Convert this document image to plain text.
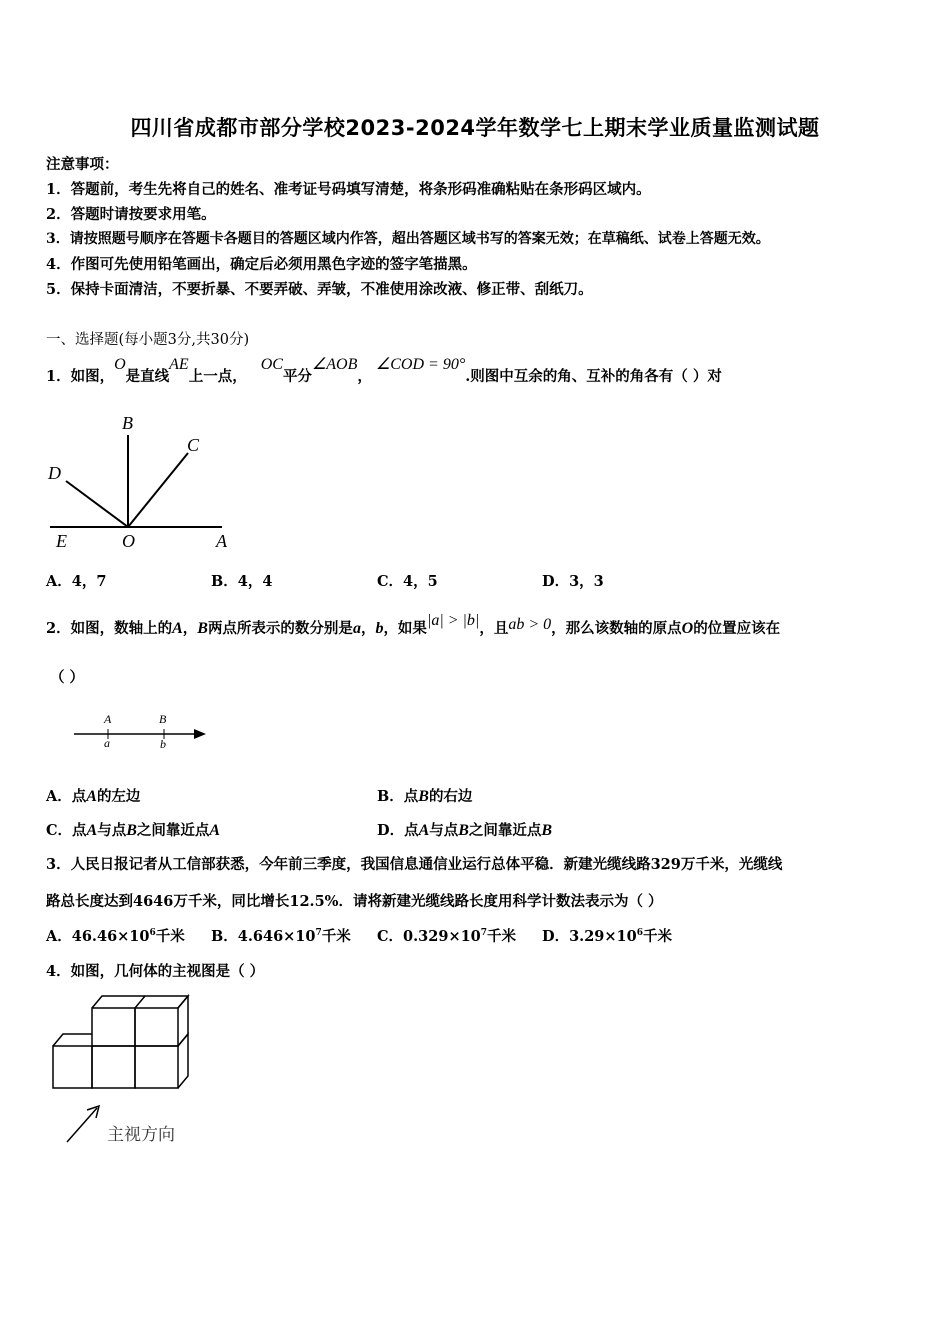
四川省成都市部分学校2023-2024学年数学七上期末学业质量监测试题
注意事项：
1．答题前，考生先将自己的姓名、准考证号码填写清楚，将条形码准确粘贴在条形码区域内。
2．答题时请按要求用笔。
3．请按照题号顺序在答题卡各题目的答题区域内作答，超出答题区域书写的答案无效；在草稿纸、试卷上答题无效。
4．作图可先使用铅笔画出，确定后必须用黑色字迹的签字笔描黑。
5．保持卡面清洁，不要折暴、不要弄破、弄皱，不准使用涂改液、修正带、刮纸刀。
一、选择题(每小题3分,共30分)
1．如图，O是直线AE上一点，OC平分∠AOB，∠COD = 90°.则图中互余的角、互补的角各有（ ）对
B
C
D
E	O	A
A．4，7	B．4，4	C．4，5	D．3，3
2．如图，数轴上的A，B两点所表示的数分别是a，b，如果|a| > |b|，且ab > 0，那么该数轴的原点O的位置应该在
（ ）
A	B
a	b
A．点A的左边	B．点B的右边
C．点A与点B之间靠近点A	D．点A与点B之间靠近点B
3．人民日报记者从工信部获悉，今年前三季度，我国信息通信业运行总体平稳．新建光缆线路329万千米，光缆线
路总长度达到4646万千米，同比增长12.5%．请将新建光缆线路长度用科学计数法表示为（ ）
A．$46.46\times 10^6$千米 B．$4.646\times 10^7$千米 C．$0.329\times 10^7$千米 D．$3.29\times 10^6$千米
4．如图，几何体的主视图是（ ）
主视方向
